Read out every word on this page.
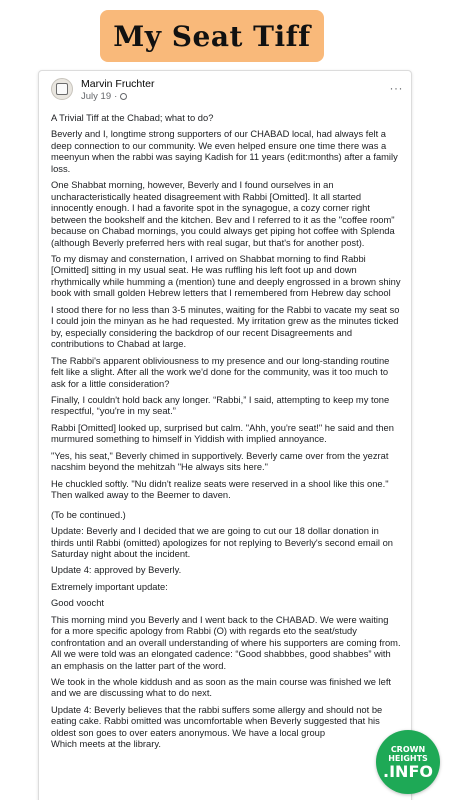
My Seat Tiff
Marvin Fruchter
July 19 ·
···

A Trivial Tiff at the Chabad; what to do?

Beverly and I, longtime strong supporters of our CHABAD local, had always felt a deep connection to our community. We even helped ensure one time there was a meenyun when the rabbi was saying Kadish for 11 years (edit:months) after a family loss.

One Shabbat morning, however, Beverly and I found ourselves in an uncharacteristically heated disagreement with Rabbi [Omitted]. It all started innocently enough. I had a favorite spot in the synagogue, a cozy corner right between the bookshelf and the kitchen. Bev and I referred to it as the "coffee room" because on Chabad mornings, you could always get piping hot coffee with Splenda (although Beverly preferred hers with real sugar, but that's for another post).

To my dismay and consternation, I arrived on Shabbat morning to find Rabbi [Omitted] sitting in my usual seat. He was ruffling his left foot up and down rhythmically while humming a (mention) tune and deeply engrossed in a brown shiny book with small golden Hebrew letters that I remembered from Hebrew day school

I stood there for no less than 3-5 minutes, waiting for the Rabbi to vacate my seat so I could join the minyan as he had requested. My irritation grew as the minutes ticked by, especially considering the backdrop of our recent Disagreements and contributions to Chabad at large.

The Rabbi's apparent obliviousness to my presence and our long-standing routine felt like a slight. After all the work we'd done for the community, was it too much to ask for a little consideration?

Finally, I couldn't hold back any longer. “Rabbi,” I said, attempting to keep my tone respectful, “you're in my seat.”

Rabbi [Omitted] looked up, surprised but calm. "Ahh, you're seat!" he said and then murmured something to himself in Yiddish with implied annoyance.

"Yes, his seat," Beverly chimed in supportively. Beverly came over from the yezrat nacshim beyond the mehitzah "He always sits here."

He chuckled softly. "Nu didn't realize seats were reserved in a shool like this one." Then walked away to the Beemer to daven.

(To be continued.)

Update: Beverly and I decided that we are going to cut our 18 dollar donation in thirds until Rabbi (omitted) apologizes for not replying to Beverly's second email on Saturday night about the incident.

Update 4: approved by Beverly.

Extremely important update:

Good voocht

This morning mind you Beverly and I went back to the CHABAD. We were waiting for a more specific apology from Rabbi (O) with regards eto the seat/study confrontation and an overall understanding of where his supporters are coming from. All we were told was an elongated cadence: “Good shabbbes, good shabbes” with an emphasis on the latter part of the word.

We took in the whole kiddush and as soon as the main course was finished we left and we are discussing what to do next.

Update 4: Beverly believes that the rabbi suffers some allergy and should not be eating cake. Rabbi omitted was uncomfortable when Beverly suggested that his oldest son goes to over eaters anonymous. We have a local group

Which meets at the library.	CROWN
HEIGHTS
.INFO
